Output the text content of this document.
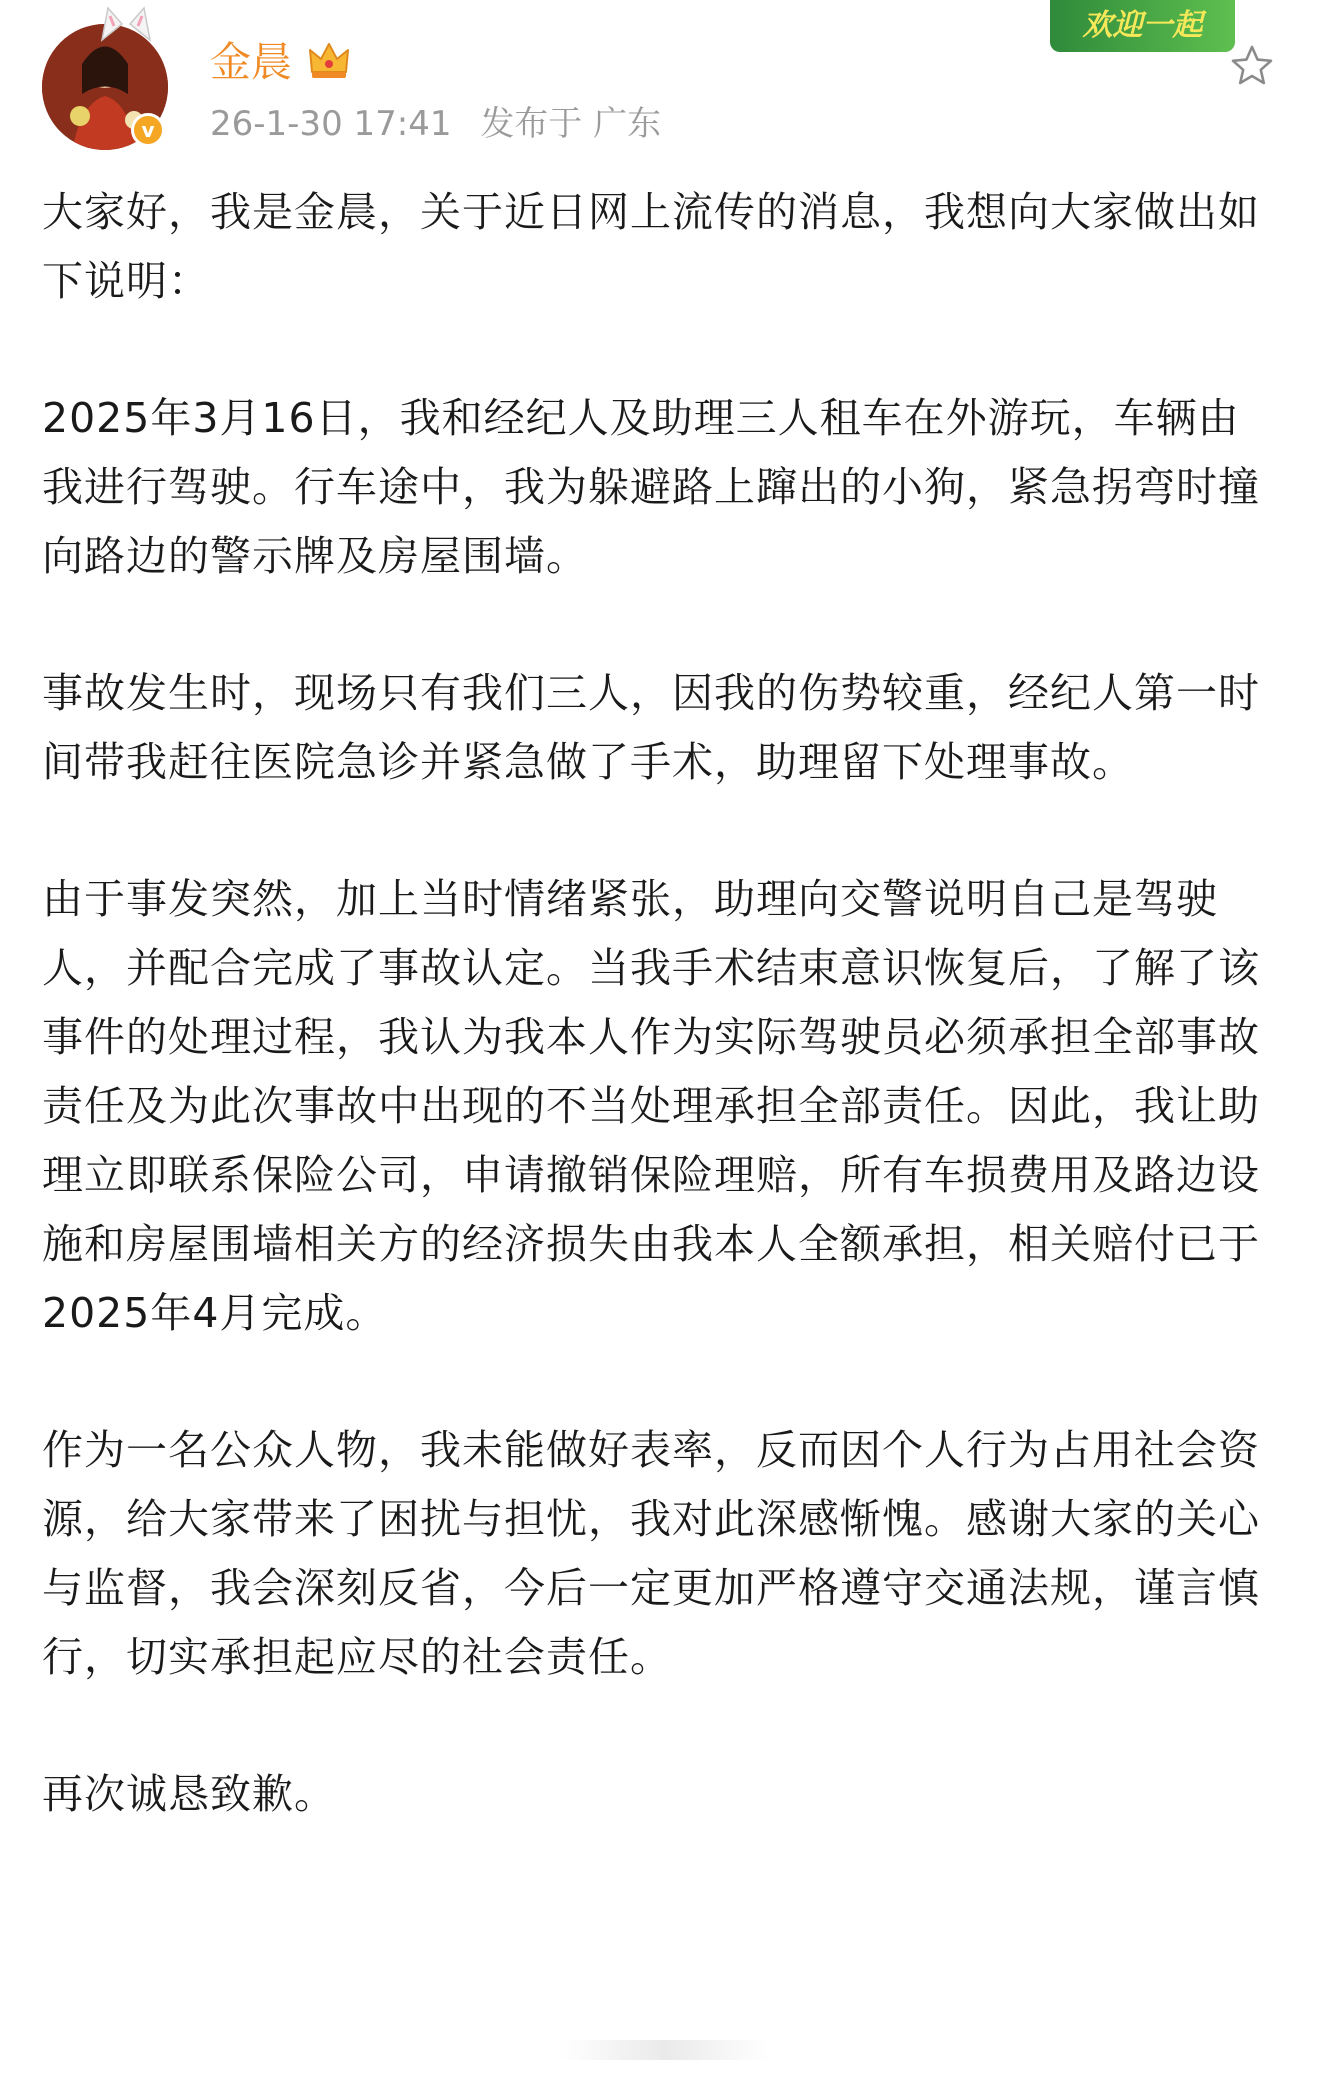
v
金晨
26-1-30 17:41 发布于 广东
欢迎一起

大家好，我是金晨，关于近日网上流传的消息，我想向大家做出如下说明：

2025年3月16日，我和经纪人及助理三人租车在外游玩，车辆由我进行驾驶。行车途中，我为躲避路上蹿出的小狗，紧急拐弯时撞向路边的警示牌及房屋围墙。

事故发生时，现场只有我们三人，因我的伤势较重，经纪人第一时间带我赶往医院急诊并紧急做了手术，助理留下处理事故。

由于事发突然，加上当时情绪紧张，助理向交警说明自己是驾驶人，并配合完成了事故认定。当我手术结束意识恢复后，了解了该事件的处理过程，我认为我本人作为实际驾驶员必须承担全部事故责任及为此次事故中出现的不当处理承担全部责任。因此，我让助理立即联系保险公司，申请撤销保险理赔，所有车损费用及路边设施和房屋围墙相关方的经济损失由我本人全额承担，相关赔付已于2025年4月完成。

作为一名公众人物，我未能做好表率，反而因个人行为占用社会资源，给大家带来了困扰与担忧，我对此深感惭愧。感谢大家的关心与监督，我会深刻反省，今后一定更加严格遵守交通法规，谨言慎行，切实承担起应尽的社会责任。

再次诚恳致歉。
